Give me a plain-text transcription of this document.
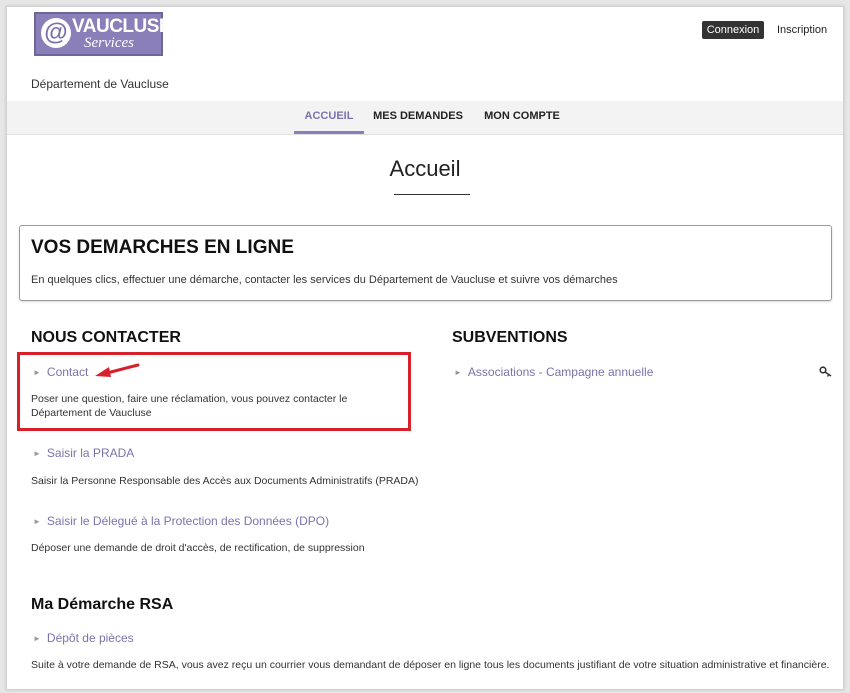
@ VAUCLUSE
Services
Connexion	Inscription
Département de Vaucluse
ACCUEIL	MES DEMANDES MON COMPTE
Accueil
VOS DEMARCHES EN LIGNE
En quelques clics, effectuer une démarche, contacter les services du Département de Vaucluse et suivre vos démarches
NOUS CONTACTER
► Contact
Poser une question, faire une réclamation, vous pouvez contacter le Département de Vaucluse
► Saisir la PRADA
Saisir la Personne Responsable des Accès aux Documents Administratifs (PRADA)
► Saisir le Délegué à la Protection des Données (DPO)
Déposer une demande de droit d'accès, de rectification, de suppression
SUBVENTIONS
► Associations - Campagne annuelle
Ma Démarche RSA
► Dépôt de pièces
Suite à votre demande de RSA, vous avez reçu un courrier vous demandant de déposer en ligne tous les documents justifiant de votre situation administrative et financière.
